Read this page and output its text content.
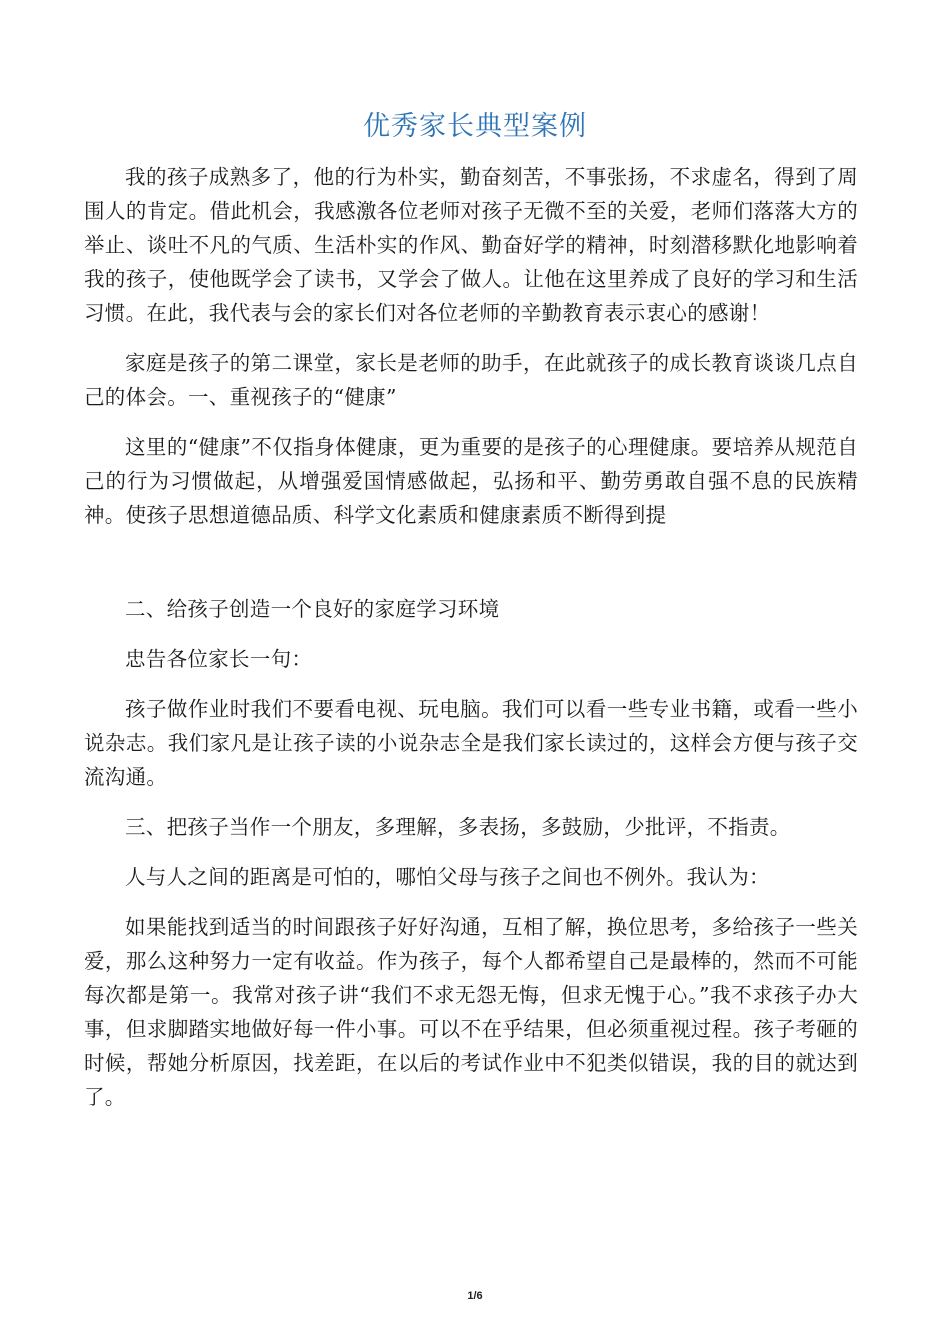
优秀家长典型案例

我的孩子成熟多了，他的行为朴实，勤奋刻苦，不事张扬，不求虚名，得到了周围人的肯定。借此机会，我感激各位老师对孩子无微不至的关爱，老师们落落大方的举止、谈吐不凡的气质、生活朴实的作风、勤奋好学的精神，时刻潜移默化地影响着我的孩子，使他既学会了读书，又学会了做人。让他在这里养成了良好的学习和生活习惯。在此，我代表与会的家长们对各位老师的辛勤教育表示衷心的感谢！

家庭是孩子的第二课堂，家长是老师的助手，在此就孩子的成长教育谈谈几点自己的体会。一、重视孩子的“健康”

这里的“健康”不仅指身体健康，更为重要的是孩子的心理健康。要培养从规范自己的行为习惯做起，从增强爱国情感做起，弘扬和平、勤劳勇敢自强不息的民族精神。使孩子思想道德品质、科学文化素质和健康素质不断得到提

二、给孩子创造一个良好的家庭学习环境

忠告各位家长一句：

孩子做作业时我们不要看电视、玩电脑。我们可以看一些专业书籍，或看一些小说杂志。我们家凡是让孩子读的小说杂志全是我们家长读过的，这样会方便与孩子交流沟通。

三、把孩子当作一个朋友，多理解，多表扬，多鼓励，少批评，不指责。

人与人之间的距离是可怕的，哪怕父母与孩子之间也不例外。我认为：

如果能找到适当的时间跟孩子好好沟通，互相了解，换位思考，多给孩子一些关爱，那么这种努力一定有收益。作为孩子，每个人都希望自己是最棒的，然而不可能每次都是第一。我常对孩子讲“我们不求无怨无悔，但求无愧于心。”我不求孩子办大事，但求脚踏实地做好每一件小事。可以不在乎结果，但必须重视过程。孩子考砸的时候，帮她分析原因，找差距，在以后的考试作业中不犯类似错误，我的目的就达到了。

1/6
